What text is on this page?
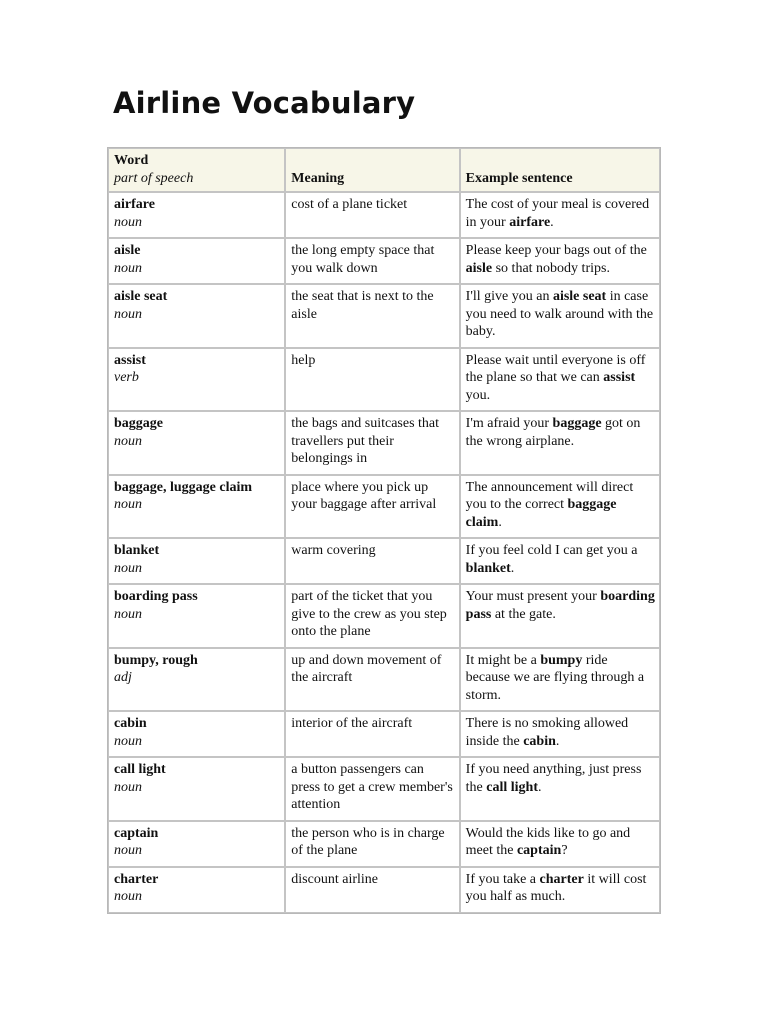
Airline Vocabulary
Word
part of speech	Meaning	Example sentence

airfare
noun	cost of a plane ticket	The cost of your meal is covered in your airfare.

aisle
noun	the long empty space that you walk down	Please keep your bags out of the aisle so that nobody trips.

aisle seat
noun	the seat that is next to the aisle	I'll give you an aisle seat in case you need to walk around with the baby.

assist
verb	help	Please wait until everyone is off the plane so that we can assist you.

baggage
noun	the bags and suitcases that travellers put their belongings in	I'm afraid your baggage got on the wrong airplane.

baggage, luggage claim
noun	place where you pick up your baggage after arrival	The announcement will direct you to the correct baggage claim.

blanket
noun	warm covering	If you feel cold I can get you a blanket.

boarding pass
noun	part of the ticket that you give to the crew as you step onto the plane	Your must present your boarding pass at the gate.

bumpy, rough
adj	up and down movement of the aircraft	It might be a bumpy ride because we are flying through a storm.

cabin
noun	interior of the aircraft	There is no smoking allowed inside the cabin.

call light
noun	a button passengers can press to get a crew member's attention	If you need anything, just press the call light.

captain
noun	the person who is in charge of the plane	Would the kids like to go and meet the captain?

charter
noun	discount airline	If you take a charter it will cost you half as much.
